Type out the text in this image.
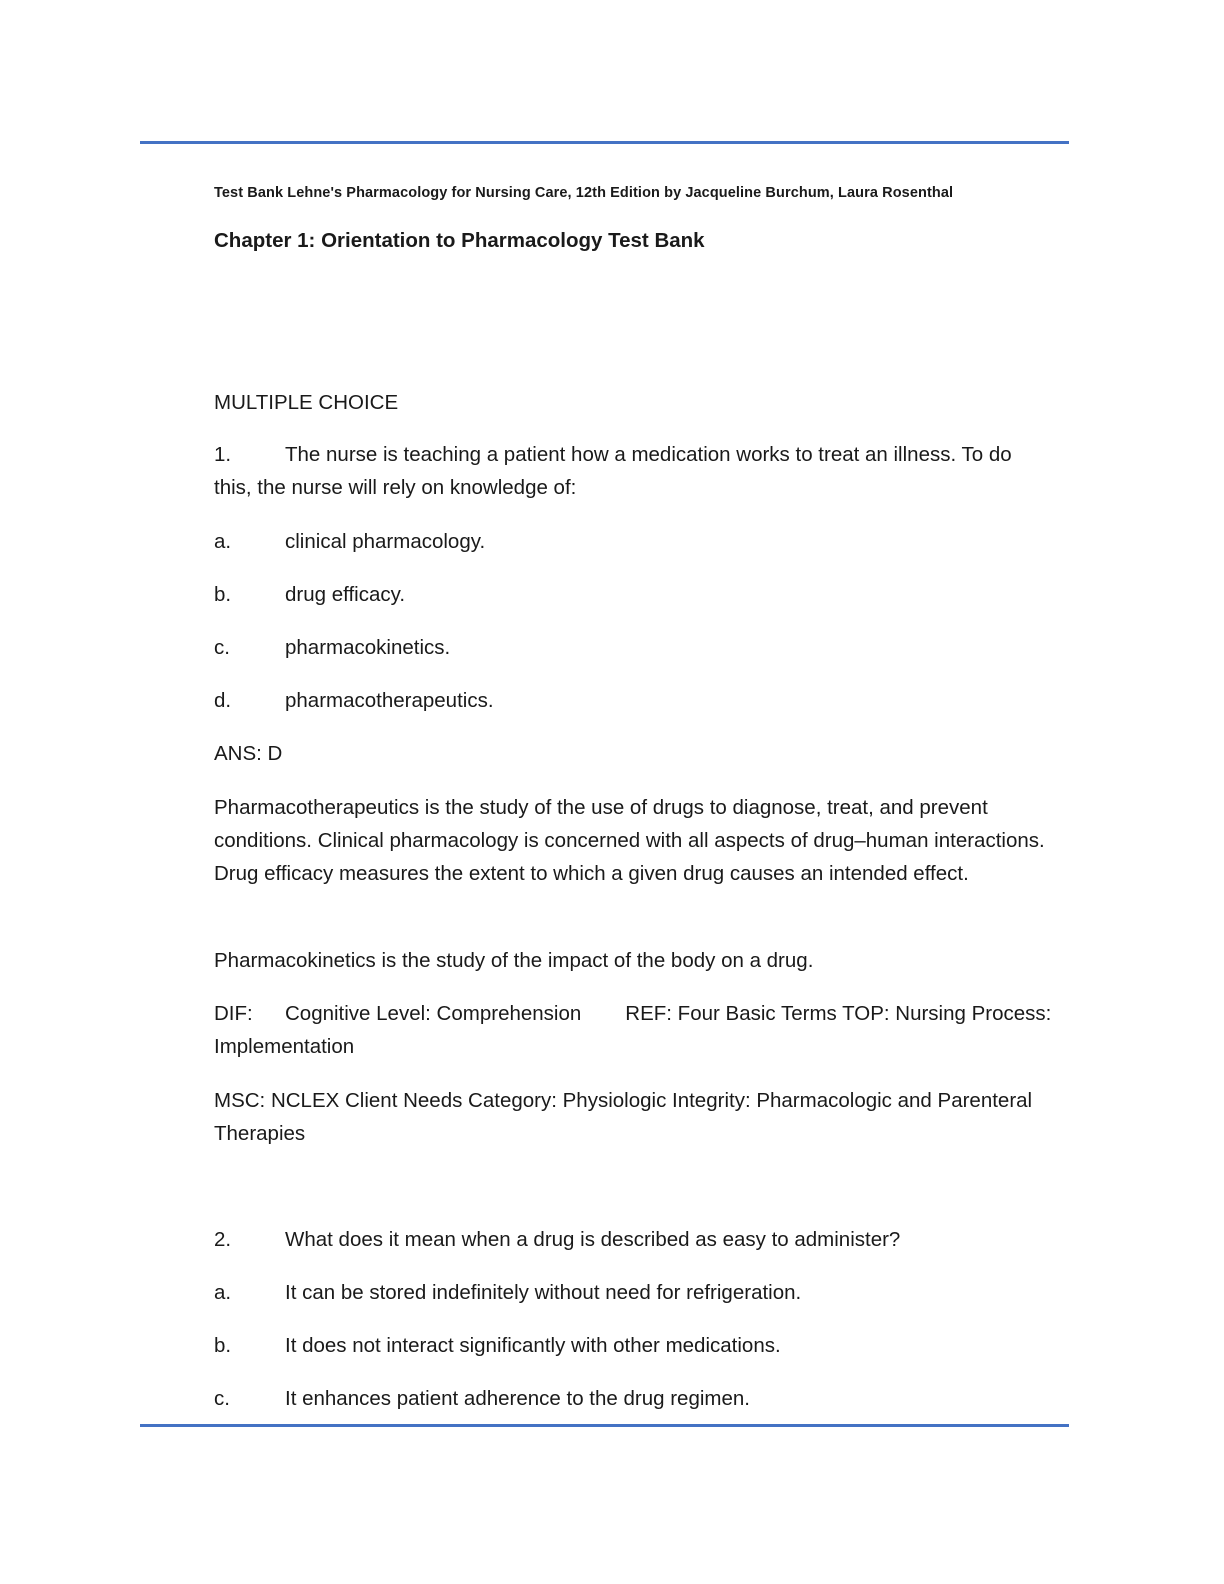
Test Bank Lehne's Pharmacology for Nursing Care, 12th Edition by Jacqueline Burchum, Laura Rosenthal
Chapter 1: Orientation to Pharmacology Test Bank
MULTIPLE CHOICE
1.	The nurse is teaching a patient how a medication works to treat an illness. To do
this, the nurse will rely on knowledge of:
a.	clinical pharmacology.
b.	drug efficacy.
c.	pharmacokinetics.
d.	pharmacotherapeutics.
ANS: D
Pharmacotherapeutics is the study of the use of drugs to diagnose, treat, and prevent conditions. Clinical pharmacology is concerned with all aspects of drug–human interactions. Drug efficacy measures the extent to which a given drug causes an intended effect.
Pharmacokinetics is the study of the impact of the body on a drug.
DIF: Cognitive Level: Comprehension REF: Four Basic Terms TOP: Nursing Process:
Implementation
MSC: NCLEX Client Needs Category: Physiologic Integrity: Pharmacologic and Parenteral Therapies
2.	What does it mean when a drug is described as easy to administer?
a.	It can be stored indefinitely without need for refrigeration.
b.	It does not interact significantly with other medications.
c.	It enhances patient adherence to the drug regimen.
